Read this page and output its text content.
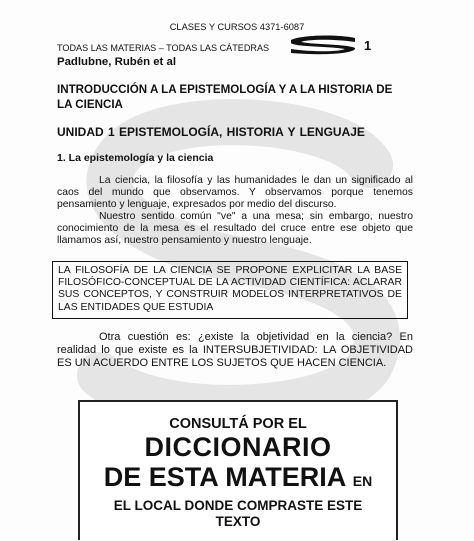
CLASES Y CURSOS 4371-6087
TODAS LAS MATERIAS – TODAS LAS CÁTEDRAS	1
Padlubne, Rubén et al
INTRODUCCIÓN A LA EPISTEMOLOGÍA Y A LA HISTORIA DE
LA CIENCIA
UNIDAD 1 EPISTEMOLOGÍA, HISTORIA Y LENGUAJE
1. La epistemología y la ciencia
La ciencia, la filosofía y las humanidades le dan un significado al caos del mundo que observamos. Y observamos porque tenemos pensamiento y lenguaje, expresados por medio del discurso.
Nuestro sentido común "ve" a una mesa; sin embargo, nuestro conocimiento de la mesa es el resultado del cruce entre ese objeto que llamamos así, nuestro pensamiento y nuestro lenguaje.
LA FILOSOFÍA DE LA CIENCIA SE PROPONE EXPLICITAR LA BASE FILOSÓFICO-CONCEPTUAL DE LA ACTIVIDAD CIENTÍFICA: ACLARAR SUS CONCEPTOS, Y CONSTRUIR MODELOS INTERPRETATIVOS DE LAS ENTIDADES QUE ESTUDIA
Otra cuestión es: ¿existe la objetividad en la ciencia? En realidad lo que existe es la INTERSUBJETIVIDAD: LA OBJETIVIDAD ES UN ACUERDO ENTRE LOS SUJETOS QUE HACEN CIENCIA.
CONSULTÁ POR EL
DICCIONARIO
DE ESTA MATERIA EN
EL LOCAL DONDE COMPRASTE ESTE
TEXTO
